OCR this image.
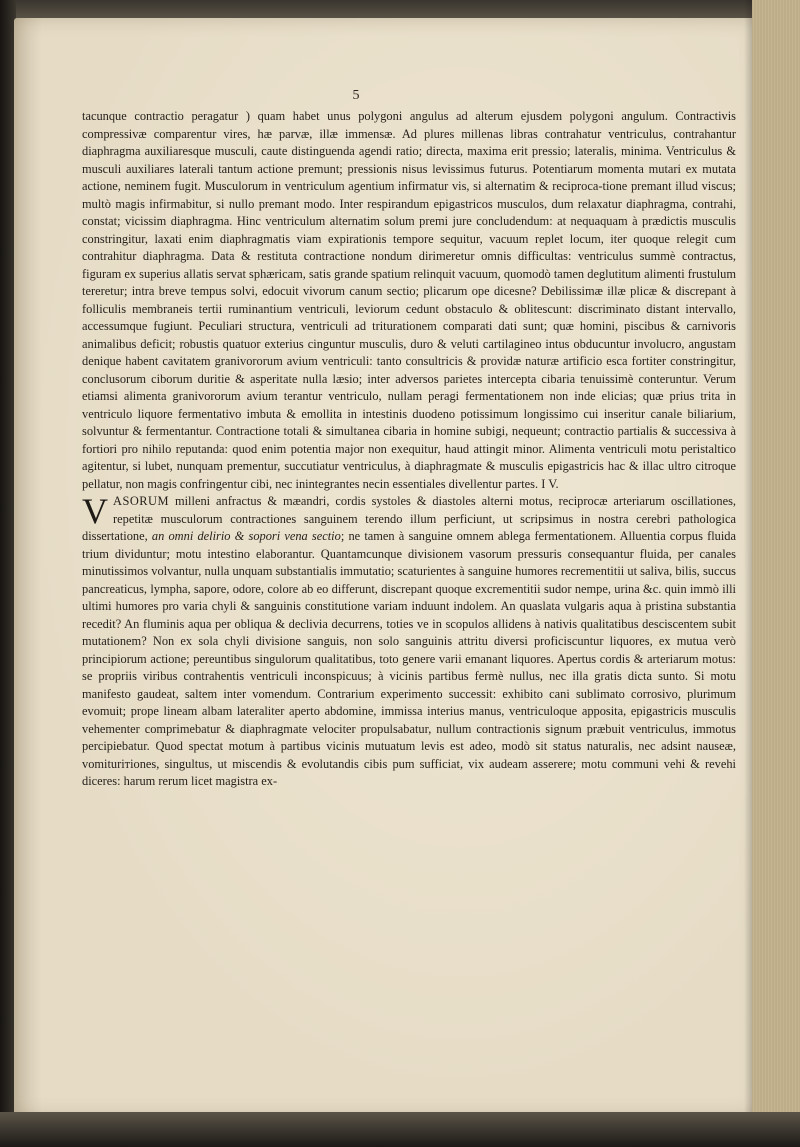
5

tacunque contractio peragatur ) quam habet unus polygoni angulus ad alterum ejusdem polygoni angulum. Contractivis compressivæ comparentur vires, hæ parvæ, illæ immensæ. Ad plures millenas libras contrahatur ventriculus, contrahantur diaphragma auxiliaresque musculi, caute distinguenda agendi ratio; directa, maxima erit pressio; lateralis, minima. Ventriculus & musculi auxiliares laterali tantum actione premunt; pressionis nisus levissimus futurus. Potentiarum momenta mutari ex mutata actione, neminem fugit. Musculorum in ventriculum agentium infirmatur vis, si alternatim & reciproca-tione premant illud viscus; multò magis infirmabitur, si nullo premant modo. Inter respirandum epigastricos musculos, dum relaxatur diaphragma, contrahi, constat; vicissim diaphragma. Hinc ventriculum alternatim solum premi jure concludendum: at nequaquam à prædictis musculis constringitur, laxati enim diaphragmatis viam expirationis tempore sequitur, vacuum replet locum, iter quoque relegit cum contrahitur diaphragma. Data & restituta contractione nondum dirimeretur omnis difficultas: ventriculus summè contractus, figuram ex superius allatis servat sphæricam, satis grande spatium relinquit vacuum, quomodò tamen deglutitum alimenti frustulum tereretur; intra breve tempus solvi, edocuit vivorum canum sectio; plicarum ope dicesne? Debilissimæ illæ plicæ & discrepant à folliculis membraneis tertii ruminantium ventriculi, leviorum cedunt obstaculo & oblitescunt: discriminato distant intervallo, accessumque fugiunt. Peculiari structura, ventriculi ad triturationem comparati dati sunt; quæ homini, piscibus & carnivoris animalibus deficit; robustis quatuor exterius cinguntur musculis, duro & veluti cartilagineo intus obducuntur involucro, angustam denique habent cavitatem granivororum avium ventriculi: tanto consultricis & providæ naturæ artificio esca fortiter constringitur, conclusorum ciborum duritie & asperitate nulla læsio; inter adversos parietes intercepta cibaria tenuissimè conteruntur. Verum etiamsi alimenta granivororum avium terantur ventriculo, nullam peragi fermentationem non inde elicias; quæ prius trita in ventriculo liquore fermentativo imbuta & emollita in intestinis duodeno potissimum longissimo cui inseritur canale biliarium, solvuntur & fermentantur. Contractione totali & simultanea cibaria in homine subigi, nequeunt; contractio partialis & successiva à fortiori pro nihilo reputanda: quod enim potentia major non exequitur, haud attingit minor. Alimenta ventriculi motu peristaltico agitentur, si lubet, nunquam prementur, succutiatur ventriculus, à diaphragmate & musculis epigastricis hac & illac ultro citroque pellatur, non magis confringentur cibi, nec inintegrantes necin essentiales divellentur partes. I V.

VASORUM milleni anfractus & mæandri, cordis systoles & diastoles alterni motus, reciprocæ arteriarum oscillationes, repetitæ musculorum contractiones sanguinem terendo illum perficiunt, ut scripsimus in nostra cerebri pathologica dissertatione, an omni delirio & sopori vena sectio; ne tamen à sanguine omnem ablega fermentationem. Alluentia corpus fluida trium dividuntur; motu intestino elaborantur. Quantamcunque divisionem vasorum pressuris consequantur fluida, per canales minutissimos volvantur, nulla unquam substantialis immutatio; scaturientes à sanguine humores recrementitii ut saliva, bilis, succus pancreaticus, lympha, sapore, odore, colore ab eo differunt, discrepant quoque excrementitii sudor nempe, urina &c. quin immò illi ultimi humores pro varia chyli & sanguinis constitutione variam induunt indolem. An quaslata vulgaris aqua à pristina substantia recedit? An fluminis aqua per obliqua & declivia decurrens, toties ve in scopulos allidens à nativis qualitatibus desciscentem subit mutationem? Non ex sola chyli divisione sanguis, non solo sanguinis attritu diversi proficiscuntur liquores, ex mutua verò principiorum actione; pereuntibus singulorum qualitatibus, toto genere varii emanant liquores. Apertus cordis & arteriarum motus: se propriis viribus contrahentis ventriculi inconspicuus; à vicinis partibus fermè nullus, nec illa gratis dicta sunto. Si motu manifesto gaudeat, saltem inter vomendum. Contrarium experimento successit: exhibito cani sublimato corrosivo, plurimum evomuit; prope lineam albam lateraliter aperto abdomine, immissa interius manus, ventriculoque apposita, epigastricis musculis vehementer comprimebatur & diaphragmate velociter propulsabatur, nullum contractionis signum præbuit ventriculus, immotus percipiebatur. Quod spectat motum à partibus vicinis mutuatum levis est adeo, modò sit status naturalis, nec adsint nauseæ, vomiturітiones, singultus, ut miscendis & evolutandis cibis pum sufficiat, vix audeam asserere; motu communi vehi & revehi diceres: harum rerum licet magistra ex-
